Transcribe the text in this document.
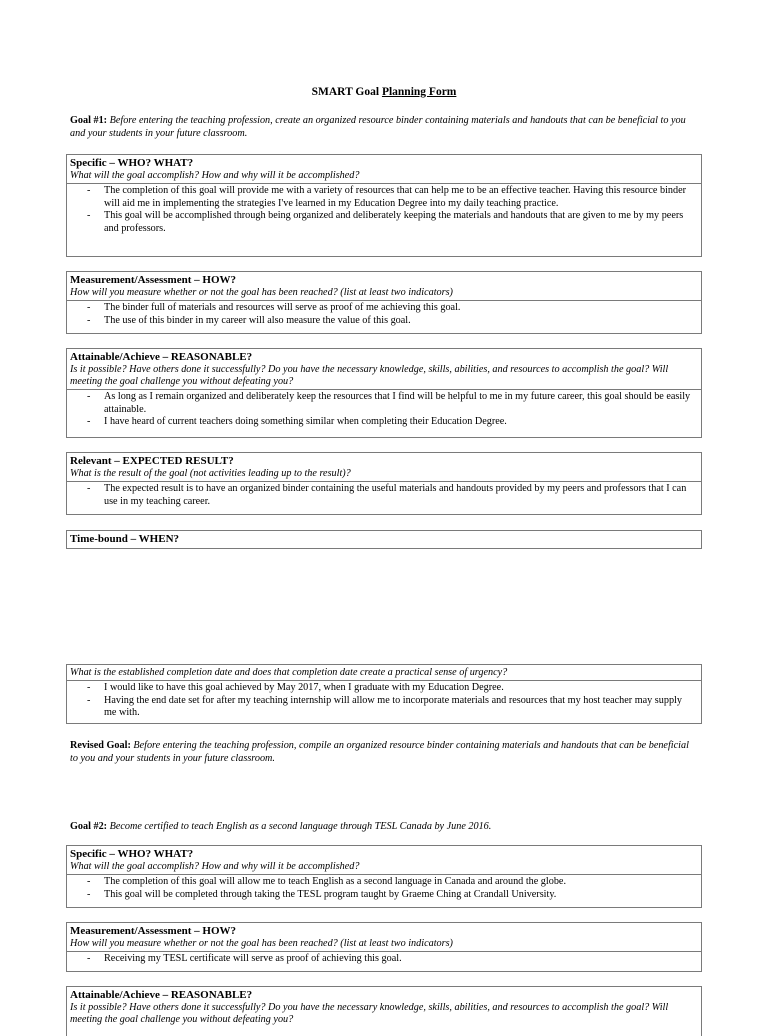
SMART Goal Planning Form
Goal #1: Before entering the teaching profession, create an organized resource binder containing materials and handouts that can be beneficial to you and your students in your future classroom.
Specific – WHO? WHAT?
What will the goal accomplish? How and why will it be accomplished?
- The completion of this goal will provide me with a variety of resources that can help me to be an effective teacher. Having this resource binder will aid me in implementing the strategies I've learned in my Education Degree into my daily teaching practice.
- This goal will be accomplished through being organized and deliberately keeping the materials and handouts that are given to me by my peers and professors.
Measurement/Assessment – HOW?
How will you measure whether or not the goal has been reached? (list at least two indicators)
- The binder full of materials and resources will serve as proof of me achieving this goal.
- The use of this binder in my career will also measure the value of this goal.
Attainable/Achieve – REASONABLE?
Is it possible? Have others done it successfully? Do you have the necessary knowledge, skills, abilities, and resources to accomplish the goal? Will meeting the goal challenge you without defeating you?
- As long as I remain organized and deliberately keep the resources that I find will be helpful to me in my future career, this goal should be easily attainable.
- I have heard of current teachers doing something similar when completing their Education Degree.
Relevant – EXPECTED RESULT?
What is the result of the goal (not activities leading up to the result)?
- The expected result is to have an organized binder containing the useful materials and handouts provided by my peers and professors that I can use in my teaching career.
Time-bound – WHEN?
What is the established completion date and does that completion date create a practical sense of urgency?
- I would like to have this goal achieved by May 2017, when I graduate with my Education Degree.
- Having the end date set for after my teaching internship will allow me to incorporate materials and resources that my host teacher may supply me with.
Revised Goal: Before entering the teaching profession, compile an organized resource binder containing materials and handouts that can be beneficial to you and your students in your future classroom.
Goal #2: Become certified to teach English as a second language through TESL Canada by June 2016.
Specific – WHO? WHAT?
What will the goal accomplish? How and why will it be accomplished?
- The completion of this goal will allow me to teach English as a second language in Canada and around the globe.
- This goal will be completed through taking the TESL program taught by Graeme Ching at Crandall University.
Measurement/Assessment – HOW?
How will you measure whether or not the goal has been reached? (list at least two indicators)
- Receiving my TESL certificate will serve as proof of achieving this goal.
Attainable/Achieve – REASONABLE?
Is it possible? Have others done it successfully? Do you have the necessary knowledge, skills, abilities, and resources to accomplish the goal? Will meeting the goal challenge you without defeating you?
